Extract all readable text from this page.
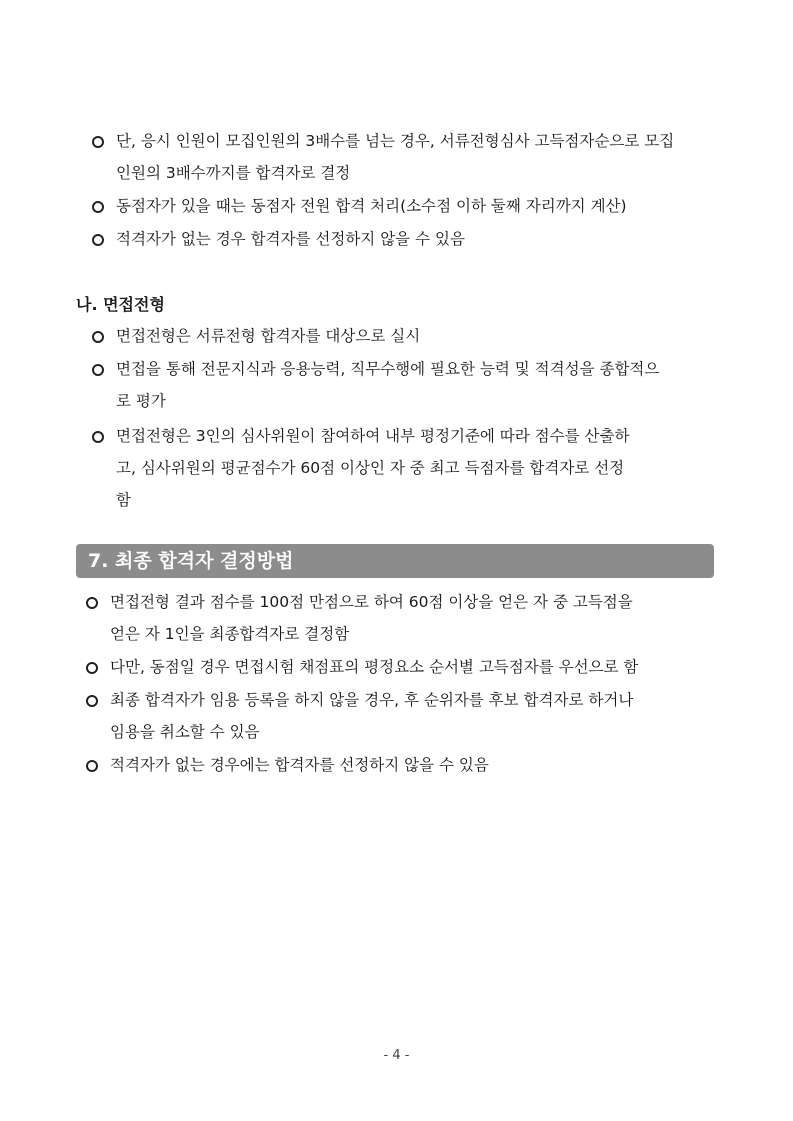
단, 응시 인원이 모집인원의 3배수를 넘는 경우, 서류전형심사 고득점자순으로 모집
인원의 3배수까지를 합격자로 결정
동점자가 있을 때는 동점자 전원 합격 처리(소수점 이하 둘째 자리까지 계산)
적격자가 없는 경우 합격자를 선정하지 않을 수 있음
나. 면접전형
면접전형은 서류전형 합격자를 대상으로 실시
면접을 통해 전문지식과 응용능력, 직무수행에 필요한 능력 및 적격성을 종합적으
로 평가
면접전형은 3인의 심사위원이 참여하여 내부 평정기준에 따라 점수를 산출하
고, 심사위원의 평균점수가 60점 이상인 자 중 최고 득점자를 합격자로 선정
함
7. 최종 합격자 결정방법
면접전형 결과 점수를 100점 만점으로 하여 60점 이상을 얻은 자 중 고득점을
얻은 자 1인을 최종합격자로 결정함
다만, 동점일 경우 면접시험 채점표의 평정요소 순서별 고득점자를 우선으로 함
최종 합격자가 임용 등록을 하지 않을 경우, 후 순위자를 후보 합격자로 하거나
임용을 취소할 수 있음
적격자가 없는 경우에는 합격자를 선정하지 않을 수 있음
- 4 -
